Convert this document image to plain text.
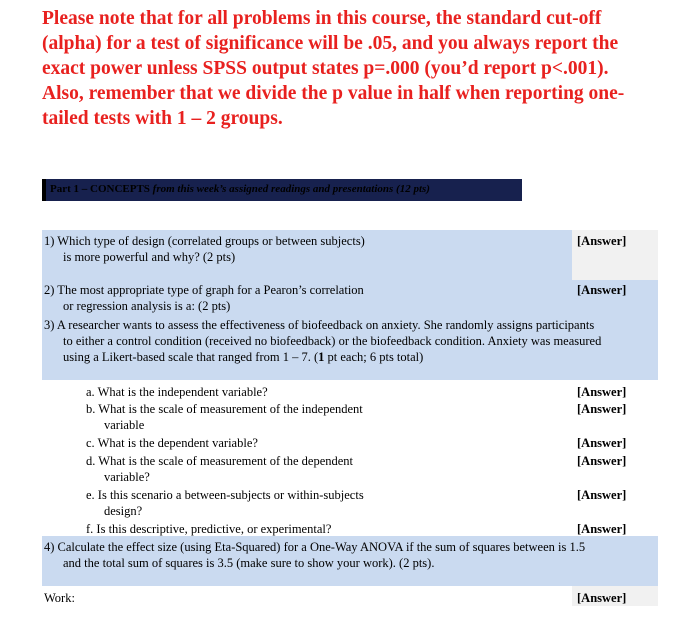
Please note that for all problems in this course, the standard cut-off
(alpha) for a test of significance will be .05, and you always report the
exact power unless SPSS output states p=.000 (you’d report p<.001).
Also, remember that we divide the p value in half when reporting one-
tailed tests with 1 – 2 groups.
Part 1 – CONCEPTS from this week’s assigned readings and presentations (12 pts)
1) Which type of design (correlated groups or between subjects)
is more powerful and why? (2 pts)
[Answer]
2) The most appropriate type of graph for a Pearon’s correlation
or regression analysis is a: (2 pts)
[Answer]
3) A researcher wants to assess the effectiveness of biofeedback on anxiety. She randomly assigns participants
to either a control condition (received no biofeedback) or the biofeedback condition. Anxiety was measured
using a Likert-based scale that ranged from 1 – 7. (1 pt each; 6 pts total)
a. What is the independent variable?	[Answer]
b. What is the scale of measurement of the independent
variable
[Answer]
c. What is the dependent variable?	[Answer]
d. What is the scale of measurement of the dependent
variable?
[Answer]
e. Is this scenario a between-subjects or within-subjects
design?
[Answer]
f. Is this descriptive, predictive, or experimental?	[Answer]
4) Calculate the effect size (using Eta-Squared) for a One-Way ANOVA if the sum of squares between is 1.5
and the total sum of squares is 3.5 (make sure to show your work). (2 pts).
Work:	[Answer]
